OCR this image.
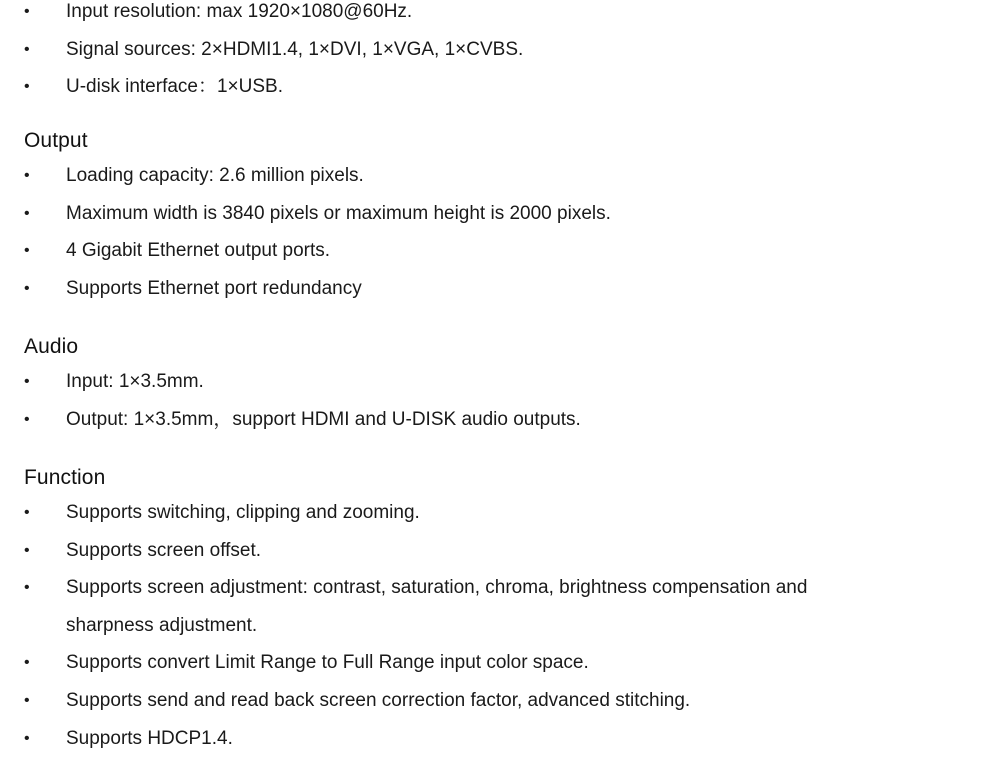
• Input resolution: max 1920×1080@60Hz.
• Signal sources: 2×HDMI1.4, 1×DVI, 1×VGA, 1×CVBS.
• U-disk interface：1×USB.
Output
• Loading capacity: 2.6 million pixels.
• Maximum width is 3840 pixels or maximum height is 2000 pixels.
• 4 Gigabit Ethernet output ports.
• Supports Ethernet port redundancy
Audio
• Input: 1×3.5mm.
• Output: 1×3.5mm，support HDMI and U-DISK audio outputs.
Function
• Supports switching, clipping and zooming.
• Supports screen offset.
• Supports screen adjustment: contrast, saturation, chroma, brightness compensation and sharpness adjustment.
• Supports convert Limit Range to Full Range input color space.
• Supports send and read back screen correction factor, advanced stitching.
• Supports HDCP1.4.
